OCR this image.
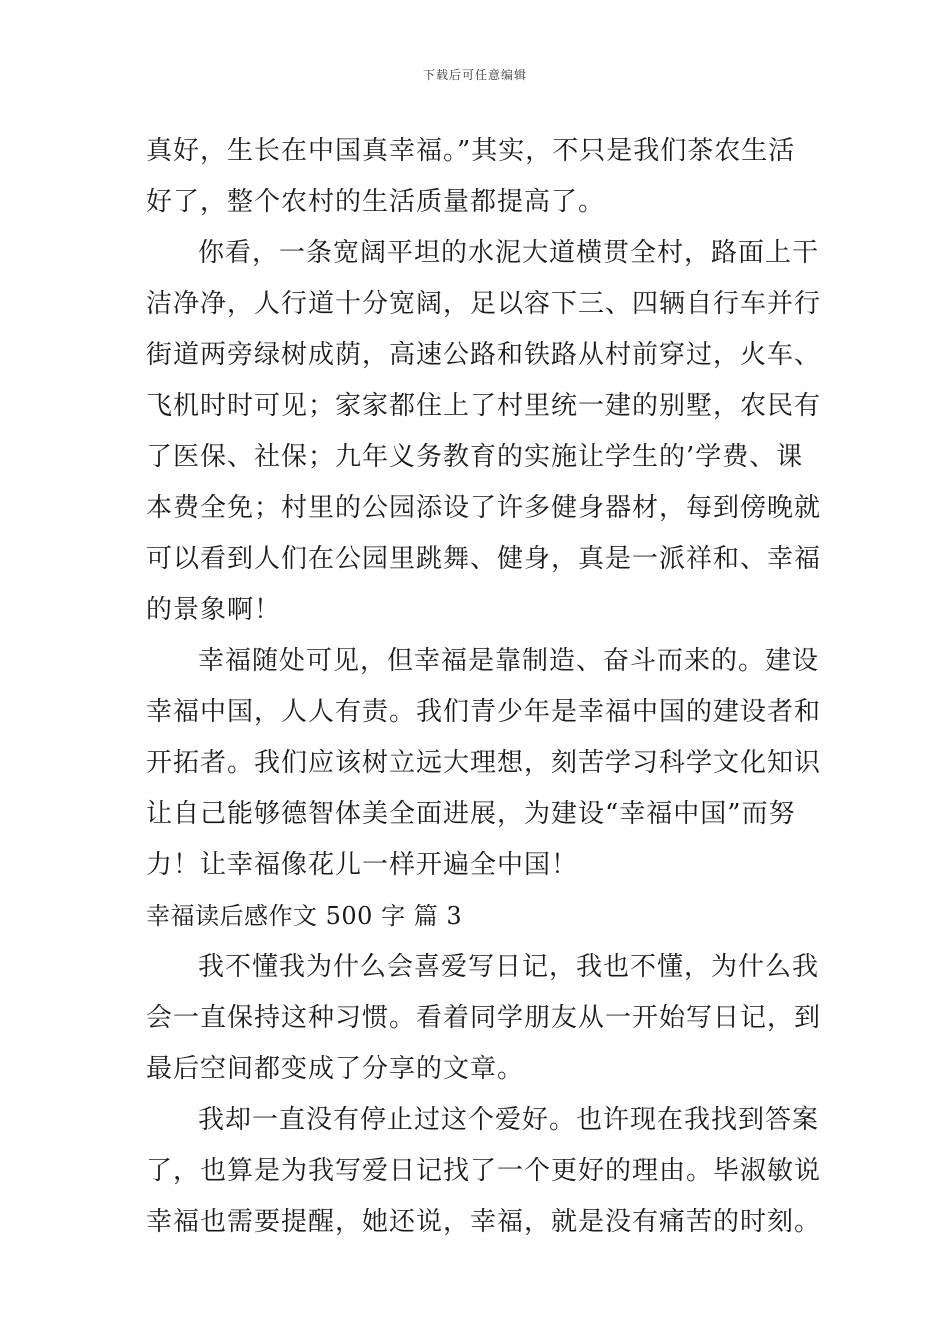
下载后可任意编辑
真好，生长在中国真幸福。”其实，不只是我们茶农生活
好了，整个农村的生活质量都提高了。
你看，一条宽阔平坦的水泥大道横贯全村，路面上干
洁净净，人行道十分宽阔，足以容下三、四辆自行车并行
街道两旁绿树成荫，高速公路和铁路从村前穿过，火车、
飞机时时可见；家家都住上了村里统一建的别墅，农民有
了医保、社保；九年义务教育的实施让学生的’学费、课
本费全免；村里的公园添设了许多健身器材，每到傍晚就
可以看到人们在公园里跳舞、健身，真是一派祥和、幸福
的景象啊！
幸福随处可见，但幸福是靠制造、奋斗而来的。建设
幸福中国，人人有责。我们青少年是幸福中国的建设者和
开拓者。我们应该树立远大理想，刻苦学习科学文化知识
让自己能够德智体美全面进展，为建设“幸福中国”而努
力！让幸福像花儿一样开遍全中国！
幸福读后感作文 500 字 篇 3
我不懂我为什么会喜爱写日记，我也不懂，为什么我
会一直保持这种习惯。看着同学朋友从一开始写日记，到
最后空间都变成了分享的文章。
我却一直没有停止过这个爱好。也许现在我找到答案
了，也算是为我写爱日记找了一个更好的理由。毕淑敏说
幸福也需要提醒，她还说，幸福，就是没有痛苦的时刻。
